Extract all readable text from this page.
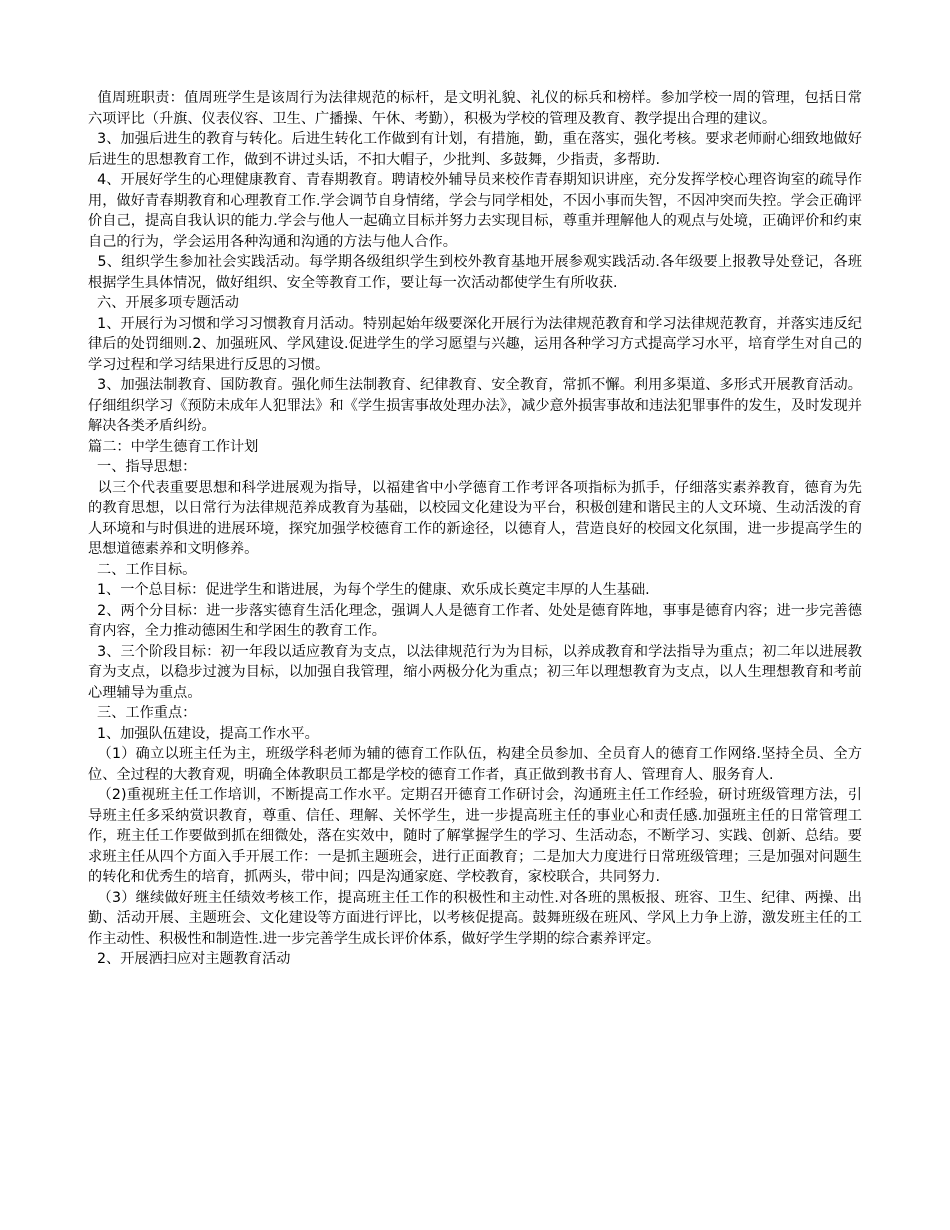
值周班职责：值周班学生是该周行为法律规范的标杆，是文明礼貌、礼仪的标兵和榜样。参加学校一周的管理，包括日常六项评比（升旗、仪表仪容、卫生、广播操、午休、考勤），积极为学校的管理及教育、教学提出合理的建议。

3、加强后进生的教育与转化。后进生转化工作做到有计划，有措施，勤，重在落实，强化考核。要求老师耐心细致地做好后进生的思想教育工作，做到不讲过头话，不扣大帽子，少批判、多鼓舞，少指责，多帮助.

4、开展好学生的心理健康教育、青春期教育。聘请校外辅导员来校作青春期知识讲座，充分发挥学校心理咨询室的疏导作用，做好青春期教育和心理教育工作.学会调节自身情绪，学会与同学相处，不因小事而失智，不因冲突而失控。学会正确评价自己，提高自我认识的能力.学会与他人一起确立目标并努力去实现目标，尊重并理解他人的观点与处境，正确评价和约束自己的行为，学会运用各种沟通和沟通的方法与他人合作。

5、组织学生参加社会实践活动。每学期各级组织学生到校外教育基地开展参观实践活动.各年级要上报教导处登记，各班根据学生具体情况，做好组织、安全等教育工作，要让每一次活动都使学生有所收获.

六、开展多项专题活动

1、开展行为习惯和学习习惯教育月活动。特别起始年级要深化开展行为法律规范教育和学习法律规范教育，并落实违反纪律后的处罚细则.2、加强班风、学风建设.促进学生的学习愿望与兴趣，运用各种学习方式提高学习水平，培育学生对自己的学习过程和学习结果进行反思的习惯。

3、加强法制教育、国防教育。强化师生法制教育、纪律教育、安全教育，常抓不懈。利用多渠道、多形式开展教育活动。仔细组织学习《预防未成年人犯罪法》和《学生损害事故处理办法》，减少意外损害事故和违法犯罪事件的发生，及时发现并解决各类矛盾纠纷。

篇二：中学生德育工作计划

一、指导思想：

以三个代表重要思想和科学进展观为指导，以福建省中小学德育工作考评各项指标为抓手，仔细落实素养教育，德育为先的教育思想，以日常行为法律规范养成教育为基础，以校园文化建设为平台，积极创建和谐民主的人文环境、生动活泼的育人环境和与时俱进的进展环境，探究加强学校德育工作的新途径，以德育人，营造良好的校园文化氛围，进一步提高学生的思想道德素养和文明修养。

二、工作目标。

1、一个总目标：促进学生和谐进展，为每个学生的健康、欢乐成长奠定丰厚的人生基础.

2、两个分目标：进一步落实德育生活化理念，强调人人是德育工作者、处处是德育阵地，事事是德育内容；进一步完善德育内容，全力推动德困生和学困生的教育工作。

3、三个阶段目标：初一年段以适应教育为支点，以法律规范行为为目标，以养成教育和学法指导为重点；初二年以进展教育为支点，以稳步过渡为目标，以加强自我管理，缩小两极分化为重点；初三年以理想教育为支点，以人生理想教育和考前心理辅导为重点。

三、工作重点：

1、加强队伍建设，提高工作水平。

（1）确立以班主任为主，班级学科老师为辅的德育工作队伍，构建全员参加、全员育人的德育工作网络.坚持全员、全方位、全过程的大教育观，明确全体教职员工都是学校的德育工作者，真正做到教书育人、管理育人、服务育人.

（2)重视班主任工作培训，不断提高工作水平。定期召开德育工作研讨会，沟通班主任工作经验，研讨班级管理方法，引导班主任多采纳赏识教育，尊重、信任、理解、关怀学生，进一步提高班主任的事业心和责任感.加强班主任的日常管理工作，班主任工作要做到抓在细微处，落在实效中，随时了解掌握学生的学习、生活动态，不断学习、实践、创新、总结。要求班主任从四个方面入手开展工作：一是抓主题班会，进行正面教育；二是加大力度进行日常班级管理；三是加强对问题生的转化和优秀生的培育，抓两头，带中间；四是沟通家庭、学校教育，家校联合，共同努力.

（3）继续做好班主任绩效考核工作，提高班主任工作的积极性和主动性.对各班的黑板报、班容、卫生、纪律、两操、出勤、活动开展、主题班会、文化建设等方面进行评比，以考核促提高。鼓舞班级在班风、学风上力争上游，激发班主任的工作主动性、积极性和制造性.进一步完善学生成长评价体系，做好学生学期的综合素养评定。

2、开展洒扫应对主题教育活动
